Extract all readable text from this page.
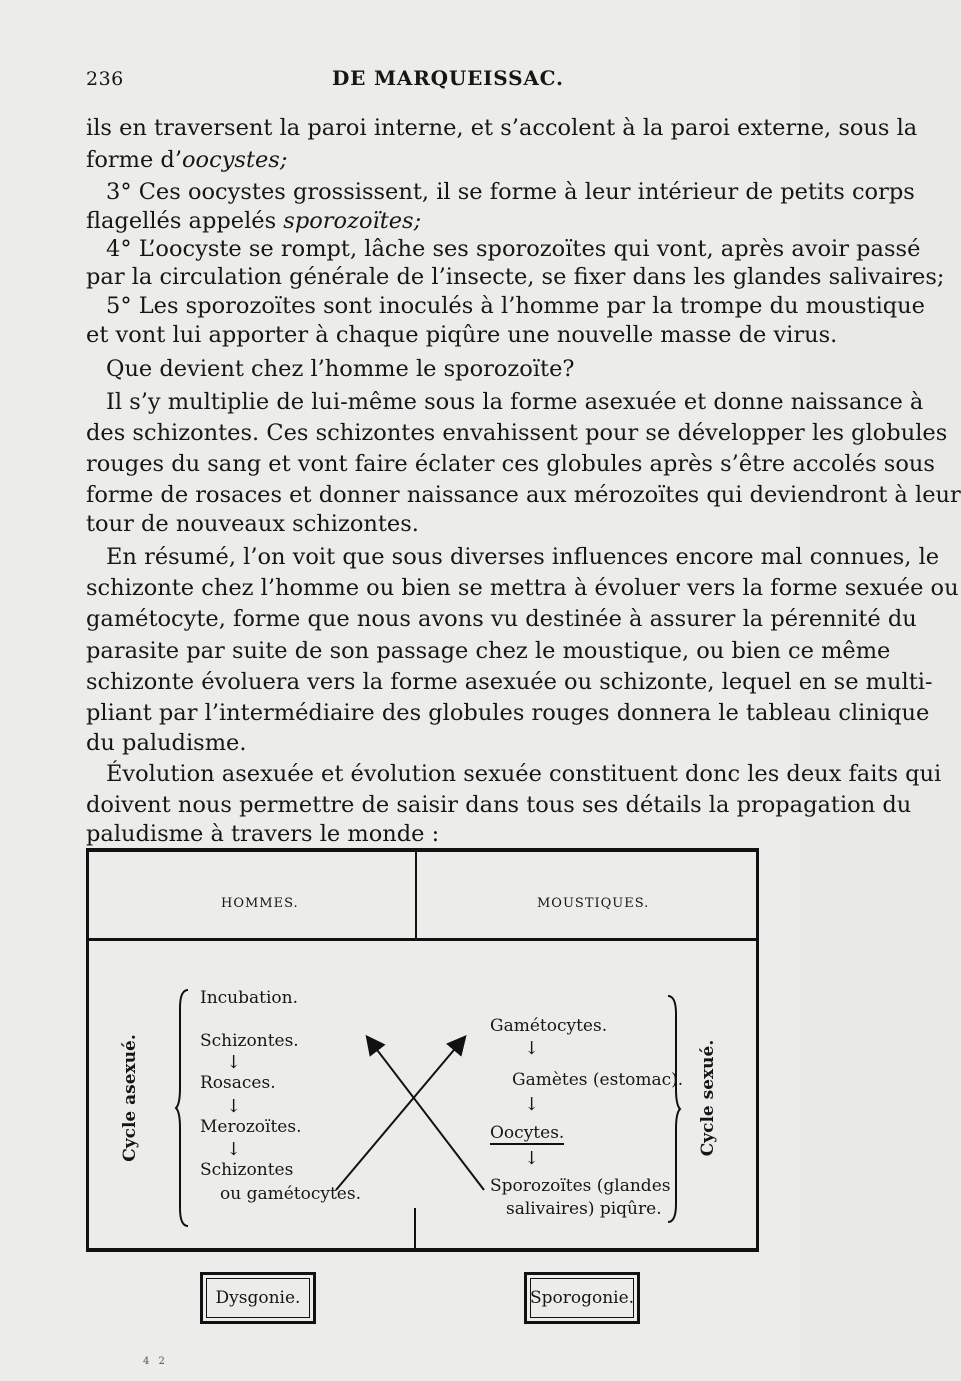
236	DE MARQUEISSAC.
ils en traversent la paroi interne, et s’accolent à la paroi externe, sous la
forme d’oocystes;
3° Ces oocystes grossissent, il se forme à leur intérieur de petits corps
flagellés appelés sporozoïtes;
4° L’oocyste se rompt, lâche ses sporozoïtes qui vont, après avoir passé
par la circulation générale de l’insecte, se fixer dans les glandes salivaires;
5° Les sporozoïtes sont inoculés à l’homme par la trompe du moustique
et vont lui apporter à chaque piqûre une nouvelle masse de virus.
Que devient chez l’homme le sporozoïte?
Il s’y multiplie de lui-même sous la forme asexuée et donne naissance à
des schizontes. Ces schizontes envahissent pour se développer les globules
rouges du sang et vont faire éclater ces globules après s’être accolés sous
forme de rosaces et donner naissance aux mérozoïtes qui deviendront à leur
tour de nouveaux schizontes.
En résumé, l’on voit que sous diverses influences encore mal connues, le
schizonte chez l’homme ou bien se mettra à évoluer vers la forme sexuée ou
gamétocyte, forme que nous avons vu destinée à assurer la pérennité du
parasite par suite de son passage chez le moustique, ou bien ce même
schizonte évoluera vers la forme asexuée ou schizonte, lequel en se multi-
pliant par l’intermédiaire des globules rouges donnera le tableau clinique
du paludisme.
Évolution asexuée et évolution sexuée constituent donc les deux faits qui
doivent nous permettre de saisir dans tous ses détails la propagation du
paludisme à travers le monde :
HOMMES.	MOUSTIQUES.
Cycle asexué.
Incubation.
Schizontes.
↓
Rosaces.
↓
Merozoïtes.
↓
Schizontes
ou gamétocytes.
Gamétocytes.
↓
Gamètes (estomac).
↓
Oocytes.
↓
Sporozoïtes (glandes
salivaires) piqûre.
Cycle sexué.
Dysgonie.	Sporogonie.
4 2
